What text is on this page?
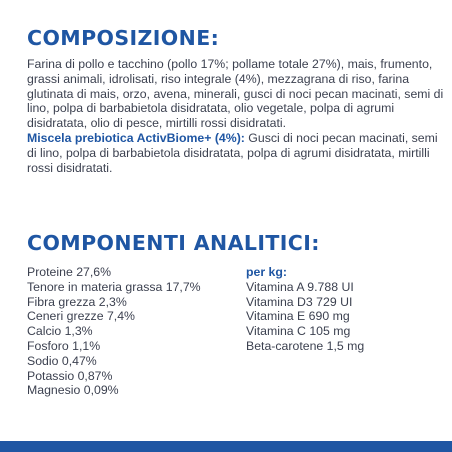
COMPOSIZIONE:

Farina di pollo e tacchino (pollo 17%; pollame totale 27%), mais, frumento, grassi animali, idrolisati, riso integrale (4%), mezzagrana di riso, farina glutinata di mais, orzo, avena, minerali, gusci di noci pecan macinati, semi di lino, polpa di barbabietola disidratata, olio vegetale, polpa di agrumi disidratata, olio di pesce, mirtilli rossi disidratati.

Miscela prebiotica ActivBiome+ (4%): Gusci di noci pecan macinati, semi di lino, polpa di barbabietola disidratata, polpa di agrumi disidratata, mirtilli rossi disidratati.

COMPONENTI ANALITICI:
Proteine 27,6%
Tenore in materia grassa 17,7%
Fibra grezza 2,3%
Ceneri grezze 7,4%
Calcio 1,3%
Fosforo 1,1%
Sodio 0,47%
Potassio 0,87%
Magnesio 0,09%
per kg:
Vitamina A 9.788 UI
Vitamina D3 729 UI
Vitamina E 690 mg
Vitamina C 105 mg
Beta-carotene 1,5 mg
